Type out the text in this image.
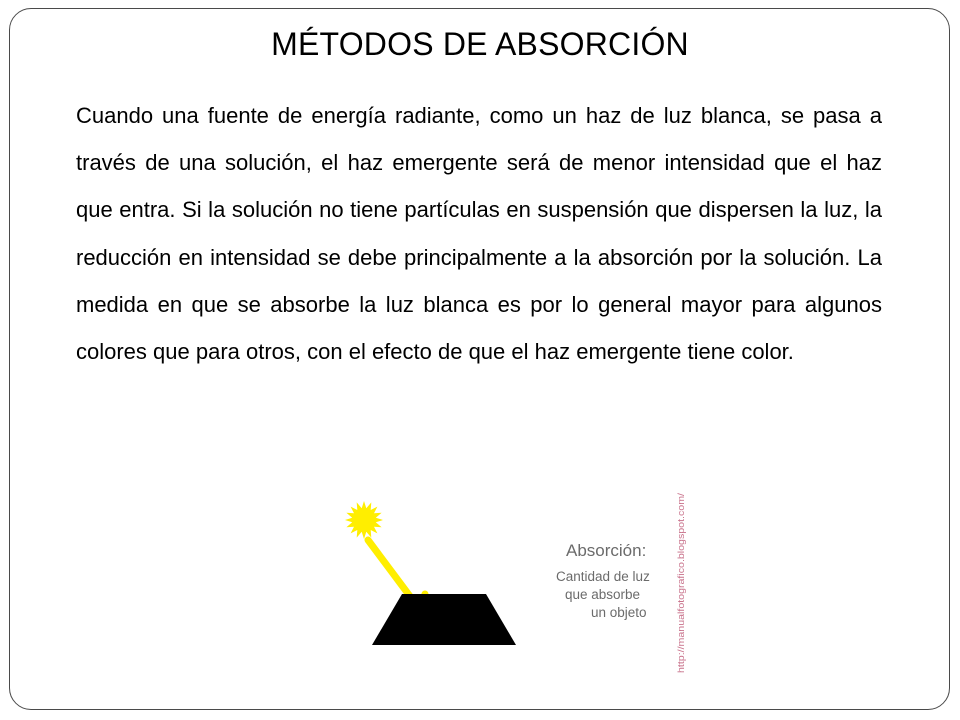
MÉTODOS DE ABSORCIÓN

Cuando una fuente de energía radiante, como un haz de luz blanca, se pasa a través de una solución, el haz emergente será de menor intensidad que el haz que entra. Si la solución no tiene partículas en suspensión que dispersen la luz, la reducción en intensidad se debe principalmente a la absorción por la solución. La medida en que se absorbe la luz blanca es por lo general mayor para algunos colores que para otros, con el efecto de que el haz emergente tiene color.

Absorción:
Cantidad de luz
que absorbe
un objeto	http://manualfotografico.blogspot.com/
